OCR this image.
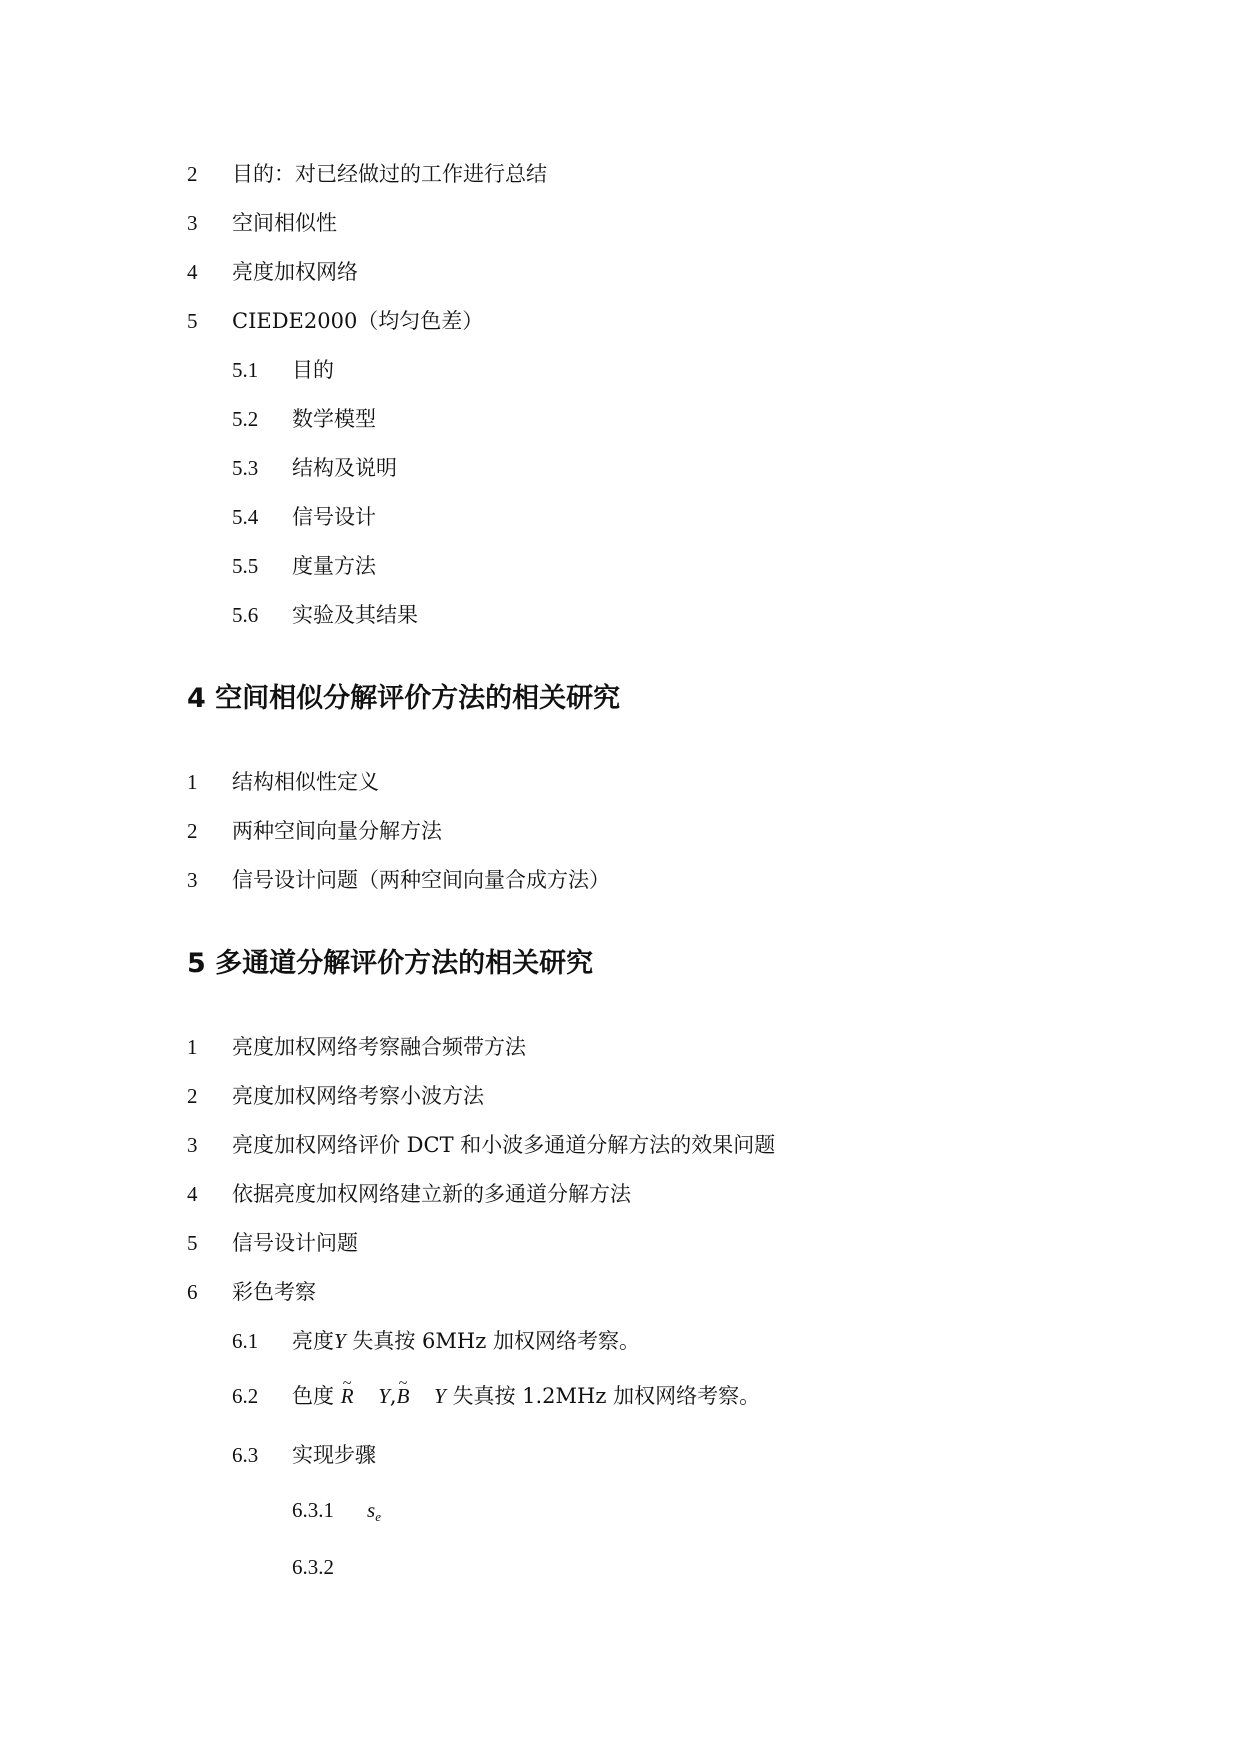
2 目的：对已经做过的工作进行总结
3 空间相似性
4 亮度加权网络
5 CIEDE2000（均匀色差）
5.1 目的
5.2 数学模型
5.3 结构及说明
5.4 信号设计
5.5 度量方法
5.6 实验及其结果
4 空间相似分解评价方法的相关研究
1 结构相似性定义
2 两种空间向量分解方法
3 信号设计问题（两种空间向量合成方法）
5 多通道分解评价方法的相关研究
1 亮度加权网络考察融合频带方法
2 亮度加权网络考察小波方法
3 亮度加权网络评价 DCT 和小波多通道分解方法的效果问题
4 依据亮度加权网络建立新的多通道分解方法
5 信号设计问题
6 彩色考察
6.1 亮度Y 失真按 6MHz 加权网络考察。
6.2 色度 ~ R Y,~ B Y 失真按 1.2MHz 加权网络考察。
6.3 实现步骤
6.3.1 $s_e$
6.3.2
